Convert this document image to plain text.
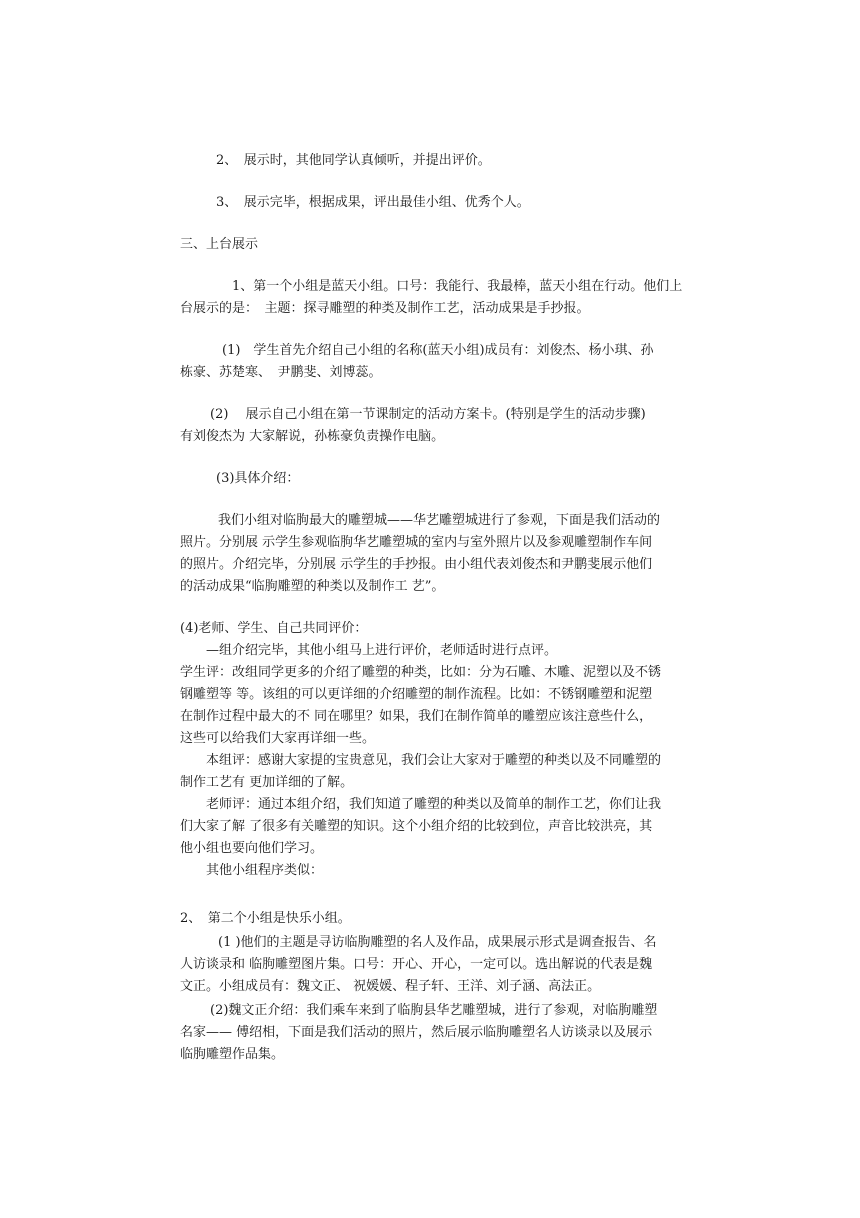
2、　展示时，其他同学认真倾听，并提出评价。
3、　展示完毕，根据成果，评出最佳小组、优秀个人。
三、上台展示
1、第一个小组是蓝天小组。口号：我能行、我最棒，蓝天小组在行动。他们上
台展示的是：　主题：探寻雕塑的种类及制作工艺，活动成果是手抄报。
(1)　学生首先介绍自己小组的名称(蓝天小组)成员有：刘俊杰、杨小琪、孙
栋豪、苏楚寒、　尹鹏斐、刘博蕊。
(2)　 展示自己小组在第一节课制定的活动方案卡。(特别是学生的活动步骤)
有刘俊杰为 大家解说，孙栋豪负责操作电脑。
(3)具体介绍：
我们小组对临朐最大的雕塑城——华艺雕塑城进行了参观，下面是我们活动的
照片。分别展 示学生参观临朐华艺雕塑城的室内与室外照片以及参观雕塑制作车间
的照片。介绍完毕，分别展 示学生的手抄报。由小组代表刘俊杰和尹鹏斐展示他们
的活动成果“临朐雕塑的种类以及制作工 艺”。
(4)老师、学生、自己共同评价：
—组介绍完毕，其他小组马上进行评价，老师适时进行点评。
学生评：改组同学更多的介绍了雕塑的种类，比如：分为石雕、木雕、泥塑以及不锈
钢雕塑等 等。该组的可以更详细的介绍雕塑的制作流程。比如：不锈钢雕塑和泥塑
在制作过程中最大的不 同在哪里？如果，我们在制作简单的雕塑应该注意些什么，
这些可以给我们大家再详细一些。
本组评：感谢大家提的宝贵意见，我们会让大家对于雕塑的种类以及不同雕塑的
制作工艺有 更加详细的了解。
老师评：通过本组介绍，我们知道了雕塑的种类以及简单的制作工艺，你们让我
们大家了解 了很多有关雕塑的知识。这个小组介绍的比较到位，声音比较洪亮，其
他小组也要向他们学习。
其他小组程序类似：
2、　第二个小组是快乐小组。
(1 )他们的主题是寻访临朐雕塑的名人及作品，成果展示形式是调查报告、名
人访谈录和 临朐雕塑图片集。口号：开心、开心，一定可以。选出解说的代表是魏
文正。小组成员有：魏文正、 祝媛媛、程子轩、王洋、刘子涵、高法正。
(2)魏文正介绍：我们乘车来到了临朐县华艺雕塑城，进行了参观，对临朐雕塑
名家—— 傅绍相，下面是我们活动的照片，然后展示临朐雕塑名人访谈录以及展示
临朐雕塑作品集。
